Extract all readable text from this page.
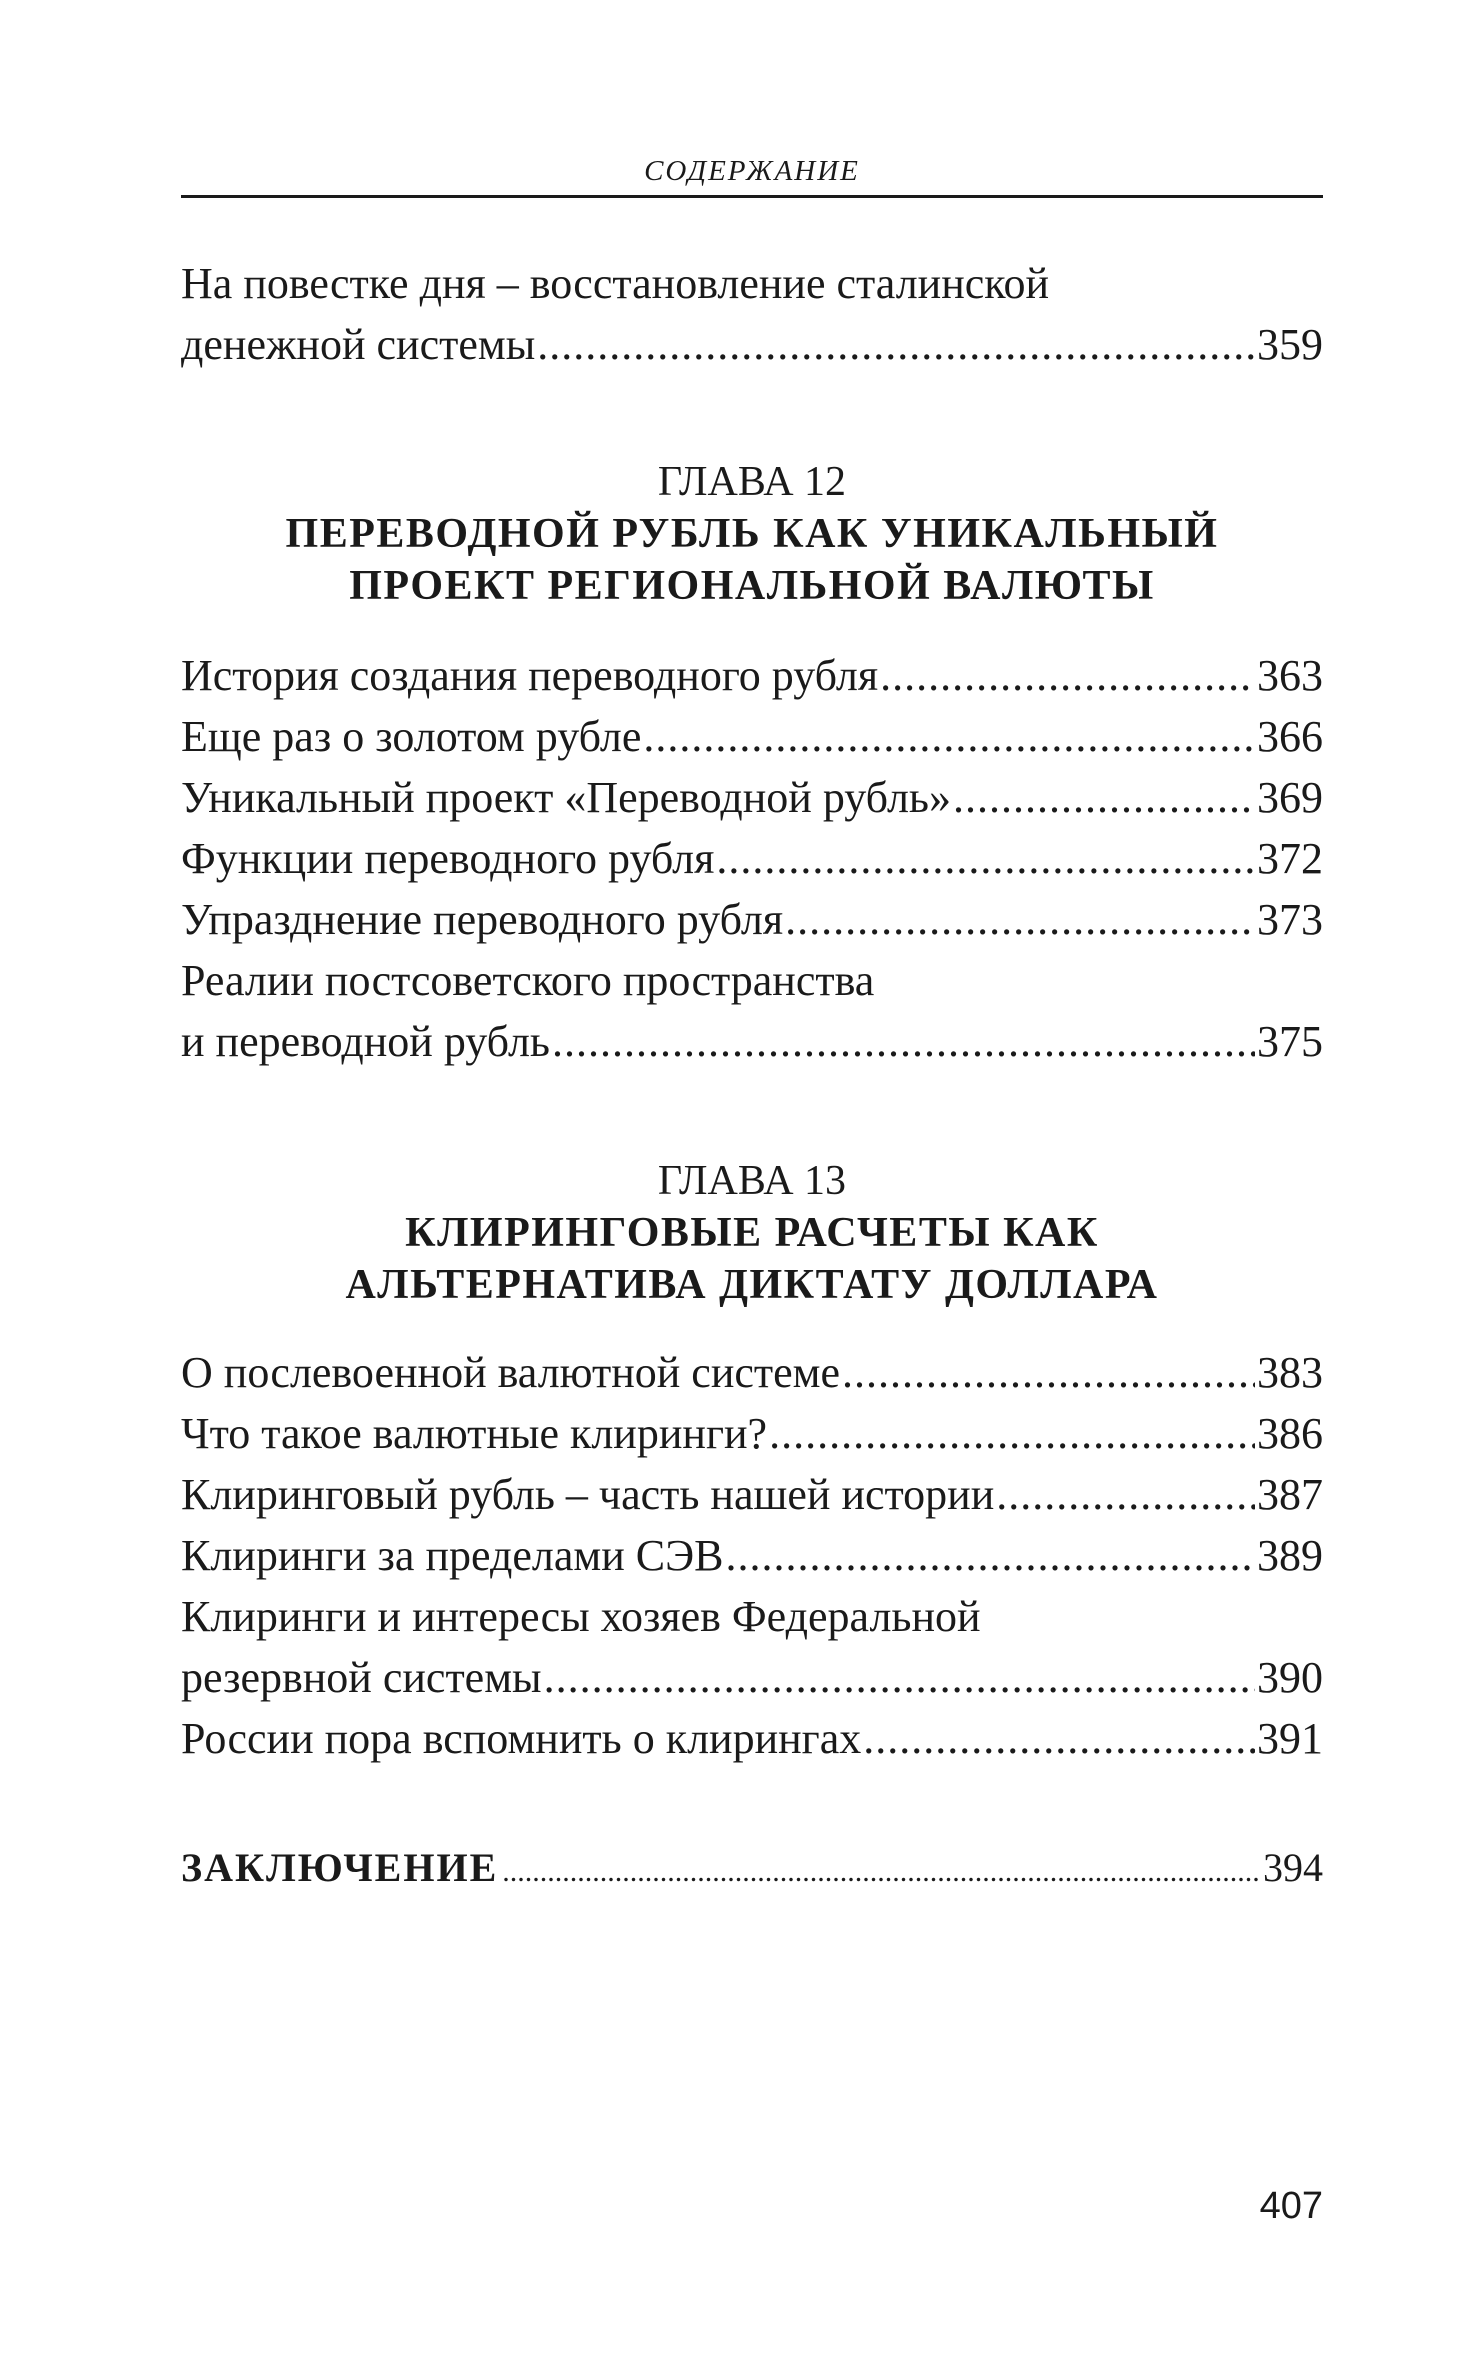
СОДЕРЖАНИЕ
На повестке дня – восстановление сталинской
денежной системы .....	359
ГЛАВА 12
ПЕРЕВОДНОЙ РУБЛЬ КАК УНИКАЛЬНЫЙ
ПРОЕКТ РЕГИОНАЛЬНОЙ ВАЛЮТЫ
История создания переводного рубля .....	363
Еще раз о золотом рубле .....	366
Уникальный проект «Переводной рубль» .....	369
Функции переводного рубля .....	372
Упразднение переводного рубля .....	373
Реалии постсоветского пространства
и переводной рубль .....	375
ГЛАВА 13
КЛИРИНГОВЫЕ РАСЧЕТЫ КАК
АЛЬТЕРНАТИВА ДИКТАТУ ДОЛЛАРА
О послевоенной валютной системе .....	383
Что такое валютные клиринги? .....	386
Клиринговый рубль – часть нашей истории .....	387
Клиринги за пределами СЭВ .....	389
Клиринги и интересы хозяев Федеральной
резервной системы .....	390
России пора вспомнить о клирингах .....	391
ЗАКЛЮЧЕНИЕ .....	394
407
